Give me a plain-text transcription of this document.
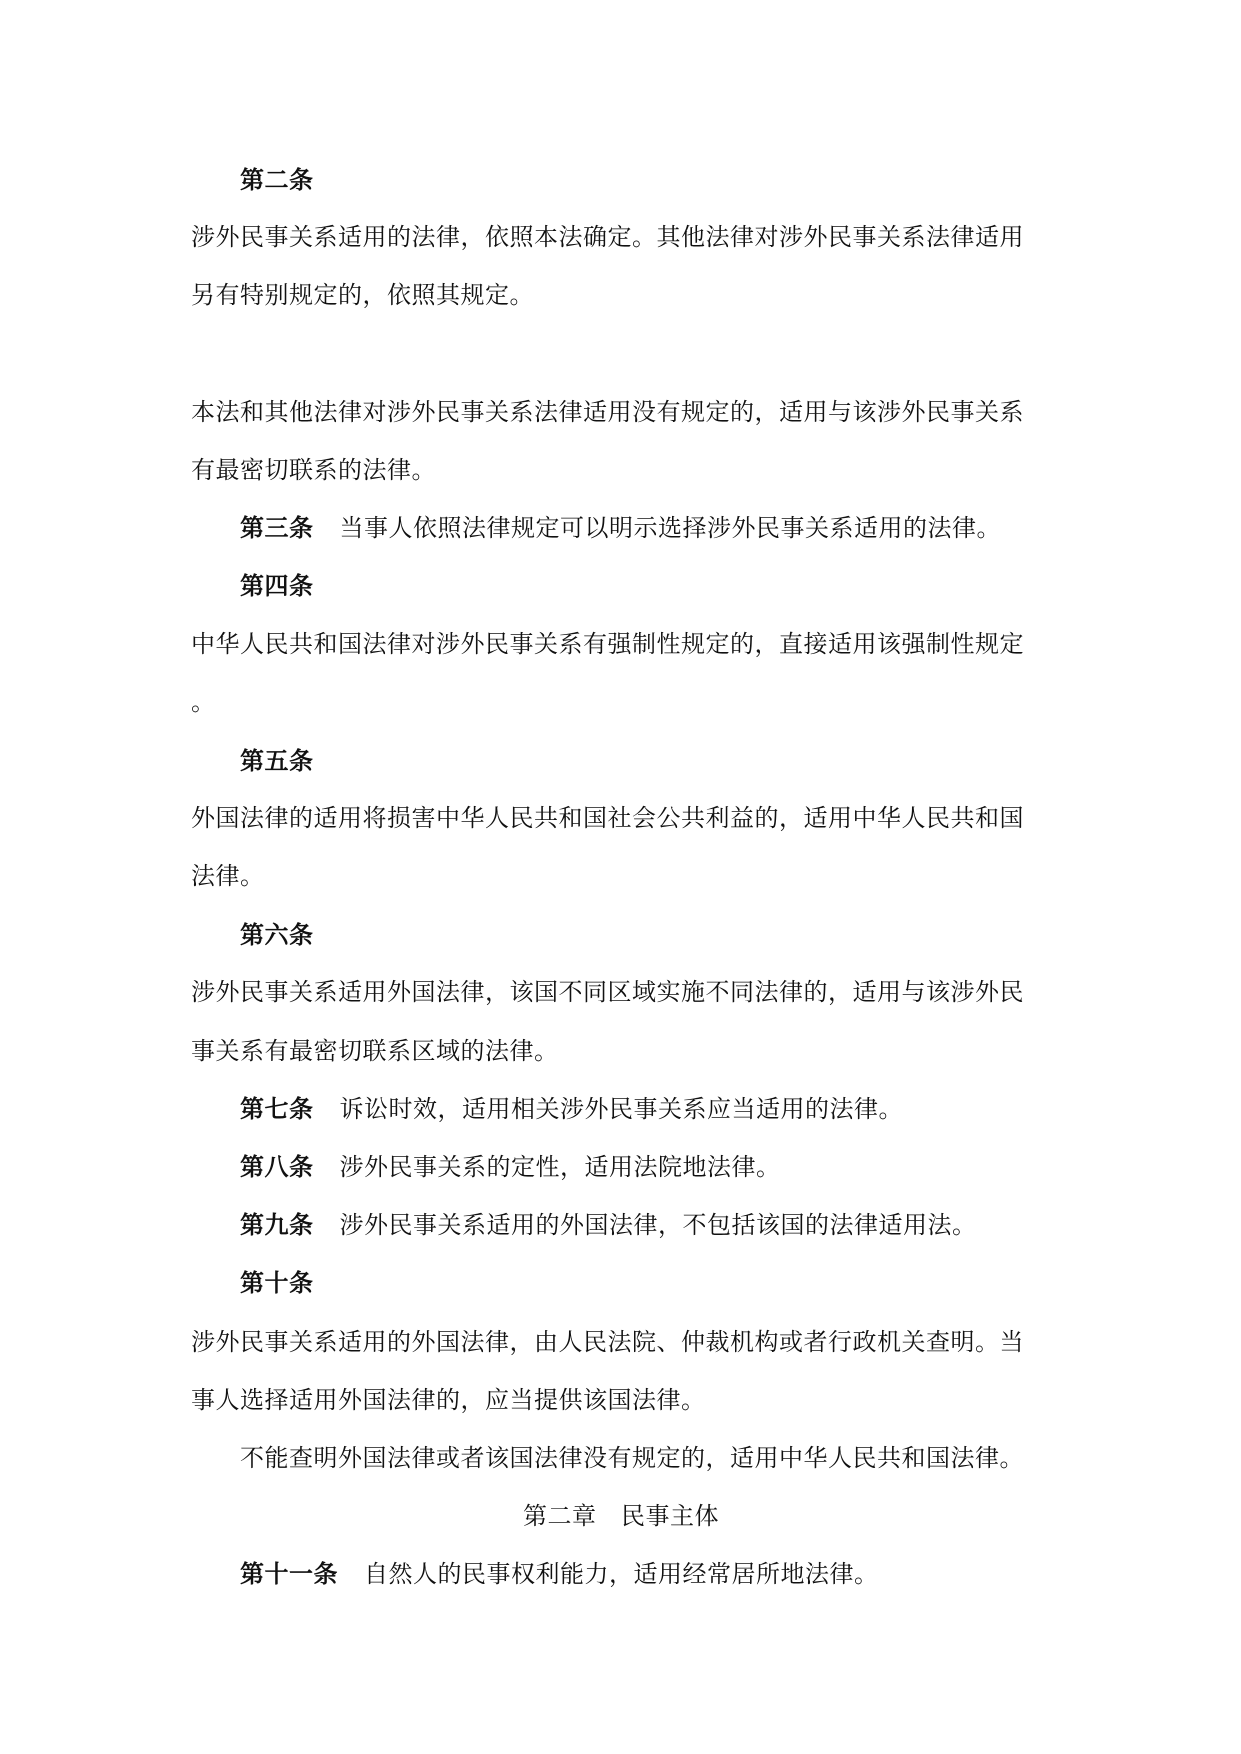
第二条
涉外民事关系适用的法律，依照本法确定。其他法律对涉外民事关系法律适用
另有特别规定的，依照其规定。
本法和其他法律对涉外民事关系法律适用没有规定的，适用与该涉外民事关系
有最密切联系的法律。
第三条 当事人依照法律规定可以明示选择涉外民事关系适用的法律。
第四条
中华人民共和国法律对涉外民事关系有强制性规定的，直接适用该强制性规定
。
第五条
外国法律的适用将损害中华人民共和国社会公共利益的，适用中华人民共和国
法律。
第六条
涉外民事关系适用外国法律，该国不同区域实施不同法律的，适用与该涉外民
事关系有最密切联系区域的法律。
第七条 诉讼时效，适用相关涉外民事关系应当适用的法律。
第八条 涉外民事关系的定性，适用法院地法律。
第九条 涉外民事关系适用的外国法律，不包括该国的法律适用法。
第十条
涉外民事关系适用的外国法律，由人民法院、仲裁机构或者行政机关查明。当
事人选择适用外国法律的，应当提供该国法律。
不能查明外国法律或者该国法律没有规定的，适用中华人民共和国法律。
第二章　民事主体
第十一条 自然人的民事权利能力，适用经常居所地法律。
